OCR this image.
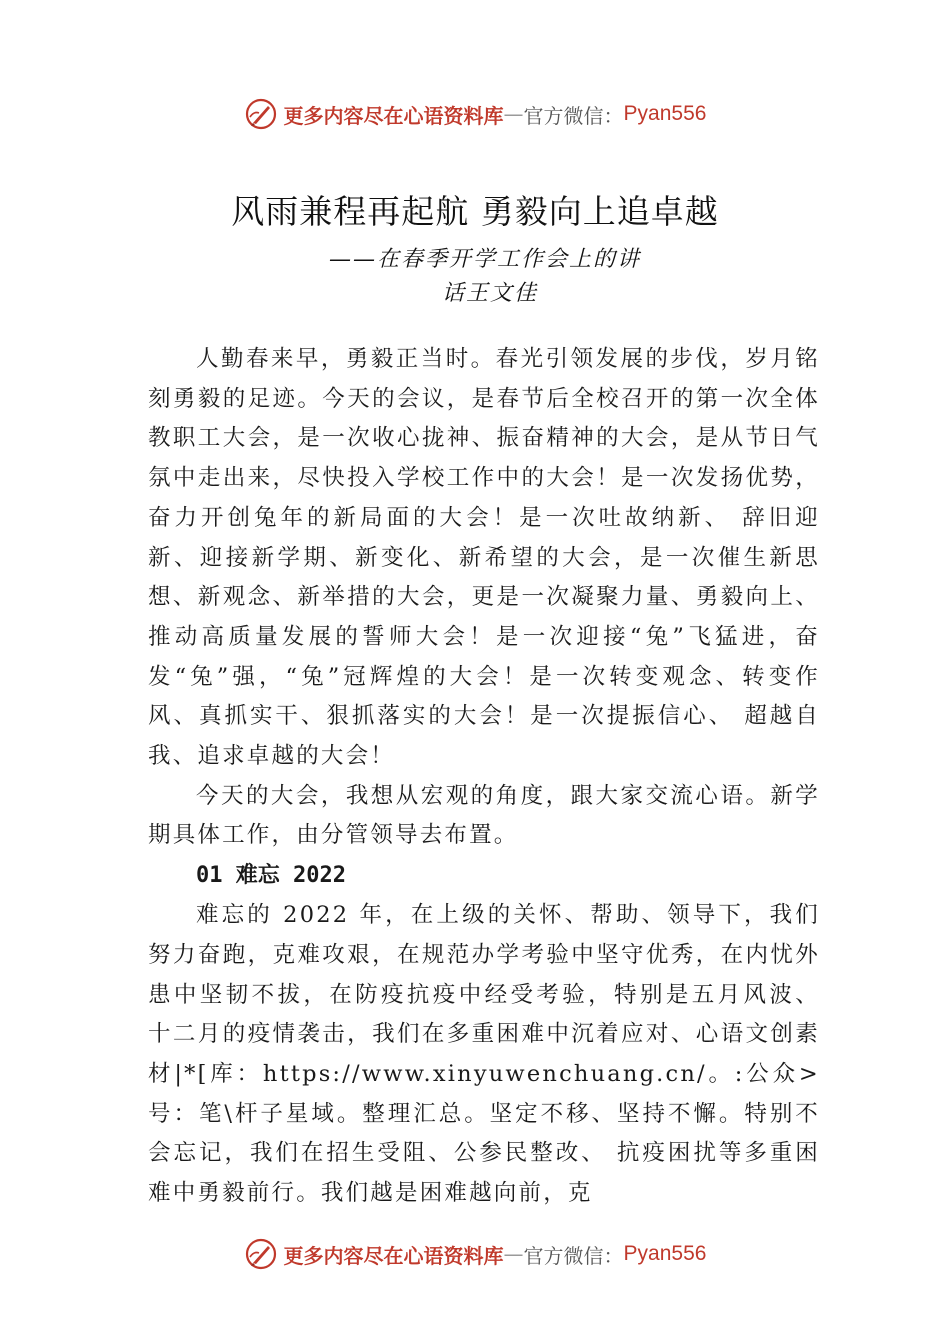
更多内容尽在心语资料库 — 官方微信： Pyan556
风雨兼程再起航 勇毅向上追卓越
——在春季开学工作会上的讲
话王文佳

人勤春来早，勇毅正当时。春光引领发展的步伐，岁月铭刻勇毅的足迹。今天的会议，是春节后全校召开的第一次全体教职工大会，是一次收心拢神、振奋精神的大会，是从节日气氛中走出来，尽快投入学校工作中的大会！是一次发扬优势，奋力开创兔年的新局面的大会！是一次吐故纳新、 辞旧迎新、迎接新学期、新变化、新希望的大会，是一次催生新思想、新观念、新举措的大会，更是一次凝聚力量、勇毅向上、推动高质量发展的誓师大会！是一次迎接“兔”飞猛进，奋发“兔”强，“兔”冠辉煌的大会！是一次转变观念、转变作风、真抓实干、狠抓落实的大会！是一次提振信心、 超越自我、追求卓越的大会！

今天的大会，我想从宏观的角度，跟大家交流心语。新学期具体工作，由分管领导去布置。

01 难忘 2022

难忘的 2022 年，在上级的关怀、帮助、领导下，我们努力奋跑，克难攻艰，在规范办学考验中坚守优秀，在内忧外患中坚韧不拔，在防疫抗疫中经受考验，特别是五月风波、 十二月的疫情袭击，我们在多重困难中沉着应对、心语文创素材|*[库：https://www.xinyuwenchuang.cn/。:公众>号：笔\杆子星域。整理汇总。坚定不移、坚持不懈。特别不会忘记，我们在招生受阻、公参民整改、 抗疫困扰等多重困难中勇毅前行。我们越是困难越向前，克

更多内容尽在心语资料库 — 官方微信： Pyan556
